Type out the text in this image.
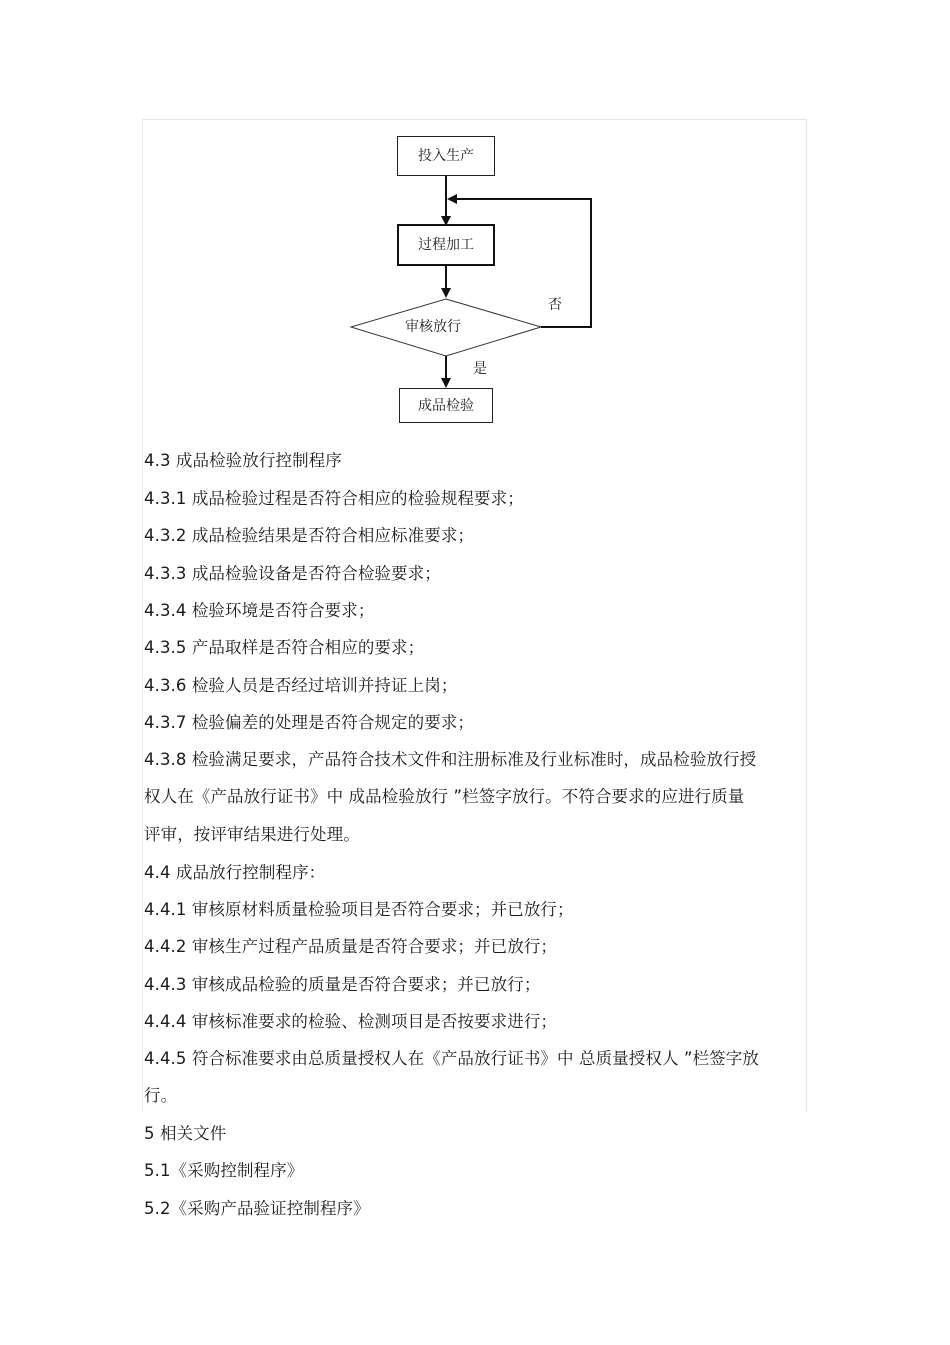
投入生产
过程加工
审核放行
否
是
成品检验
4.3 成品检验放行控制程序
4.3.1 成品检验过程是否符合相应的检验规程要求；
4.3.2 成品检验结果是否符合相应标准要求；
4.3.3 成品检验设备是否符合检验要求；
4.3.4 检验环境是否符合要求；
4.3.5 产品取样是否符合相应的要求；
4.3.6 检验人员是否经过培训并持证上岗；
4.3.7 检验偏差的处理是否符合规定的要求；
4.3.8 检验满足要求，产品符合技术文件和注册标准及行业标准时，成品检验放行授
权人在《产品放行证书》中 成品检验放行 ”栏签字放行。不符合要求的应进行质量
评审，按评审结果进行处理。
4.4 成品放行控制程序：
4.4.1 审核原材料质量检验项目是否符合要求；并已放行；
4.4.2 审核生产过程产品质量是否符合要求；并已放行；
4.4.3 审核成品检验的质量是否符合要求；并已放行；
4.4.4 审核标准要求的检验、检测项目是否按要求进行；
4.4.5 符合标准要求由总质量授权人在《产品放行证书》中 总质量授权人 ”栏签字放
行。
5 相关文件
5.1《采购控制程序》
5.2《采购产品验证控制程序》
